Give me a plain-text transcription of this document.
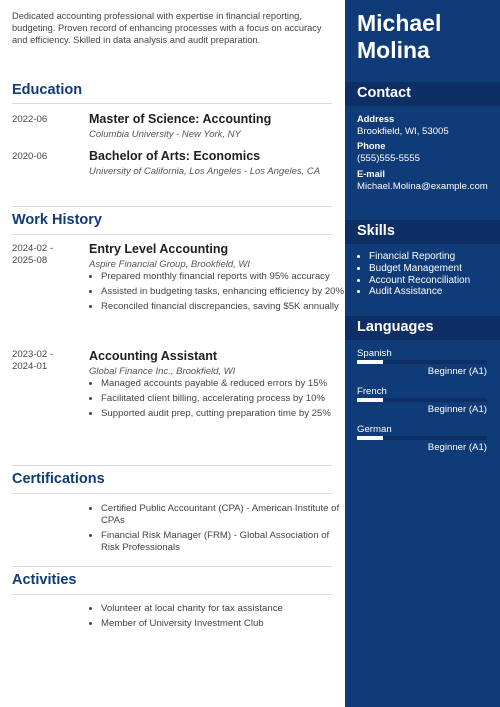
Dedicated accounting professional with expertise in financial reporting, budgeting. Proven record of enhancing processes with a focus on accuracy and efficiency. Skilled in data analysis and audit preparation.

Education
2022-06	Master of Science: Accounting
Columbia University - New York, NY
2020-06	Bachelor of Arts: Economics
University of California, Los Angeles - Los Angeles, CA
Work History
2024-02 - 2025-08
Entry Level Accounting
Aspire Financial Group, Brookfield, WI
• Prepared monthly financial reports with 95% accuracy
• Assisted in budgeting tasks, enhancing efficiency by 20%
• Reconciled financial discrepancies, saving $5K annually
2023-02 - 2024-01
Accounting Assistant
Global Finance Inc., Brookfield, WI
• Managed accounts payable & reduced errors by 15%
• Facilitated client billing, accelerating process by 10%
• Supported audit prep, cutting preparation time by 25%
Certifications
• Certified Public Accountant (CPA) - American Institute of CPAs
• Financial Risk Manager (FRM) - Global Association of Risk Professionals
Activities
• Volunteer at local charity for tax assistance
• Member of University Investment Club
Michael Molina
Contact
Address
Brookfield, WI, 53005
Phone
(555)555-5555
E-mail
Michael.Molina@example.com
Skills
• Financial Reporting
• Budget Management
• Account Reconciliation
• Audit Assistance
Languages
Spanish
Beginner (A1)
French
Beginner (A1)
German
Beginner (A1)
